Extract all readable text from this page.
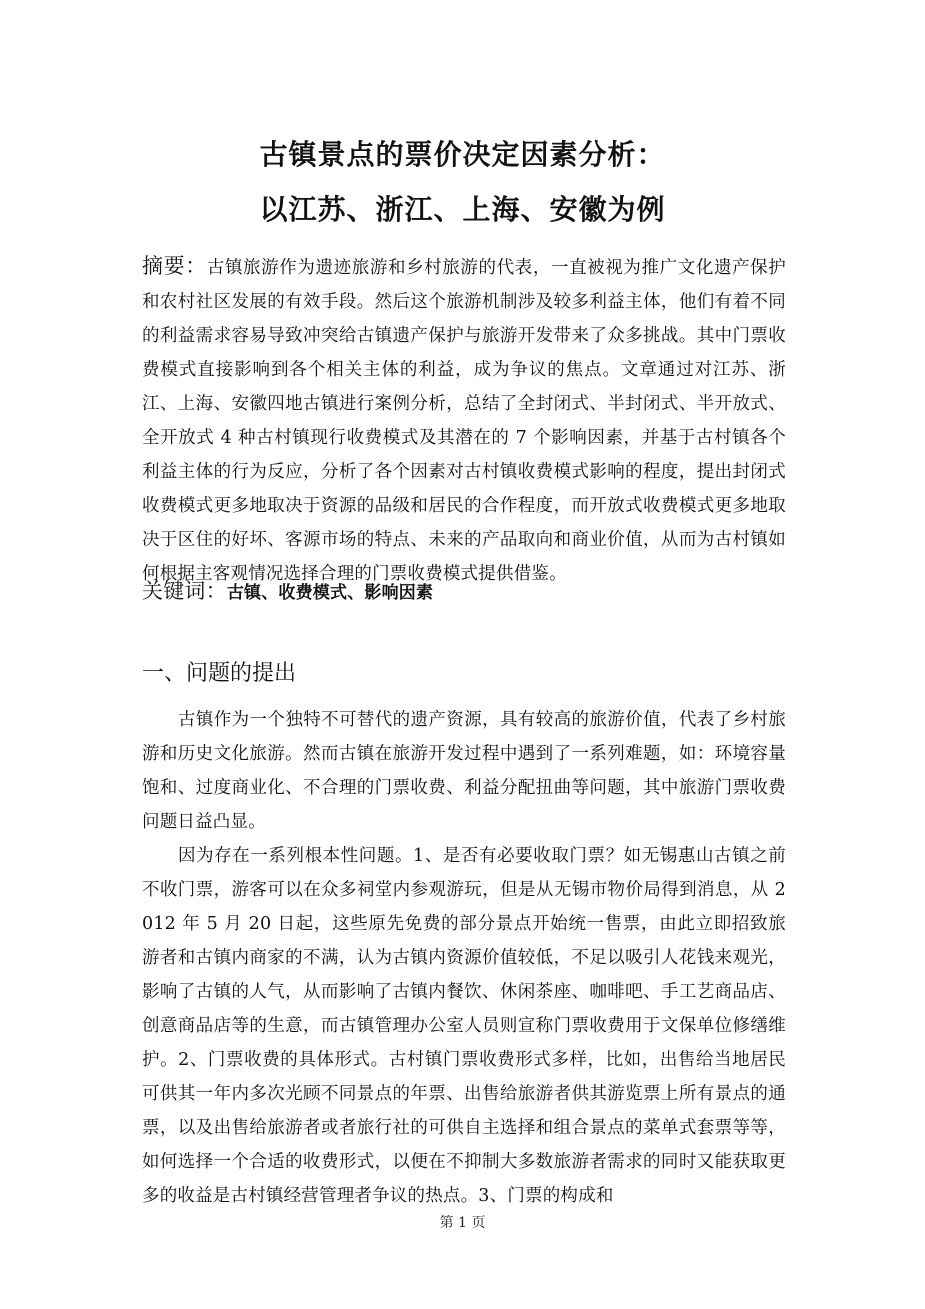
古镇景点的票价决定因素分析：
以江苏、浙江、上海、安徽为例

摘要：古镇旅游作为遗迹旅游和乡村旅游的代表，一直被视为推广文化遗产保护和农村社区发展的有效手段。然后这个旅游机制涉及较多利益主体，他们有着不同的利益需求容易导致冲突给古镇遗产保护与旅游开发带来了众多挑战。其中门票收费模式直接影响到各个相关主体的利益，成为争议的焦点。文章通过对江苏、浙江、上海、安徽四地古镇进行案例分析，总结了全封闭式、半封闭式、半开放式、全开放式 4 种古村镇现行收费模式及其潜在的 7 个影响因素，并基于古村镇各个利益主体的行为反应，分析了各个因素对古村镇收费模式影响的程度，提出封闭式收费模式更多地取决于资源的品级和居民的合作程度，而开放式收费模式更多地取决于区住的好坏、客源市场的特点、未来的产品取向和商业价值，从而为古村镇如何根据主客观情况选择合理的门票收费模式提供借鉴。

关键词：古镇、收费模式、影响因素

一、问题的提出

古镇作为一个独特不可替代的遗产资源，具有较高的旅游价值，代表了乡村旅游和历史文化旅游。然而古镇在旅游开发过程中遇到了一系列难题，如：环境容量饱和、过度商业化、不合理的门票收费、利益分配扭曲等问题，其中旅游门票收费问题日益凸显。

因为存在一系列根本性问题。1、是否有必要收取门票？如无锡惠山古镇之前不收门票，游客可以在众多祠堂内参观游玩，但是从无锡市物价局得到消息，从 2012 年 5 月 20 日起，这些原先免费的部分景点开始统一售票，由此立即招致旅游者和古镇内商家的不满，认为古镇内资源价值较低，不足以吸引人花钱来观光，影响了古镇的人气，从而影响了古镇内餐饮、休闲茶座、咖啡吧、手工艺商品店、创意商品店等的生意，而古镇管理办公室人员则宣称门票收费用于文保单位修缮维护。2、门票收费的具体形式。古村镇门票收费形式多样，比如，出售给当地居民可供其一年内多次光顾不同景点的年票、出售给旅游者供其游览票上所有景点的通票，以及出售给旅游者或者旅行社的可供自主选择和组合景点的菜单式套票等等，如何选择一个合适的收费形式，以便在不抑制大多数旅游者需求的同时又能获取更多的收益是古村镇经营管理者争议的热点。3、门票的构成和

第 1 页
